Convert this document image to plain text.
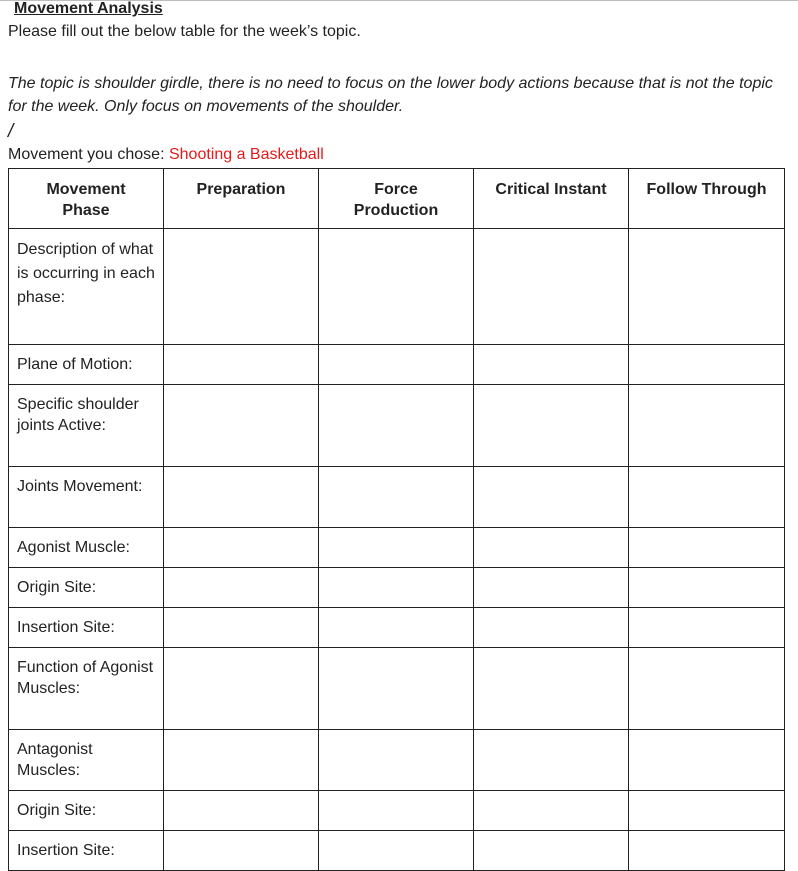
Movement Analysis
Please fill out the below table for the week’s topic.
The topic is shoulder girdle, there is no need to focus on the lower body actions because that is not the topic for the week. Only focus on movements of the shoulder.
/
Movement you chose: Shooting a Basketball
Movement Phase	Preparation	Force Production	Critical Instant	Follow Through
Description of what is occurring in each phase:				
Plane of Motion:				
Specific shoulder joints Active:				
Joints Movement:				
Agonist Muscle:				
Origin Site:				
Insertion Site:				
Function of Agonist Muscles:				
Antagonist Muscles:				
Origin Site:				
Insertion Site:				
